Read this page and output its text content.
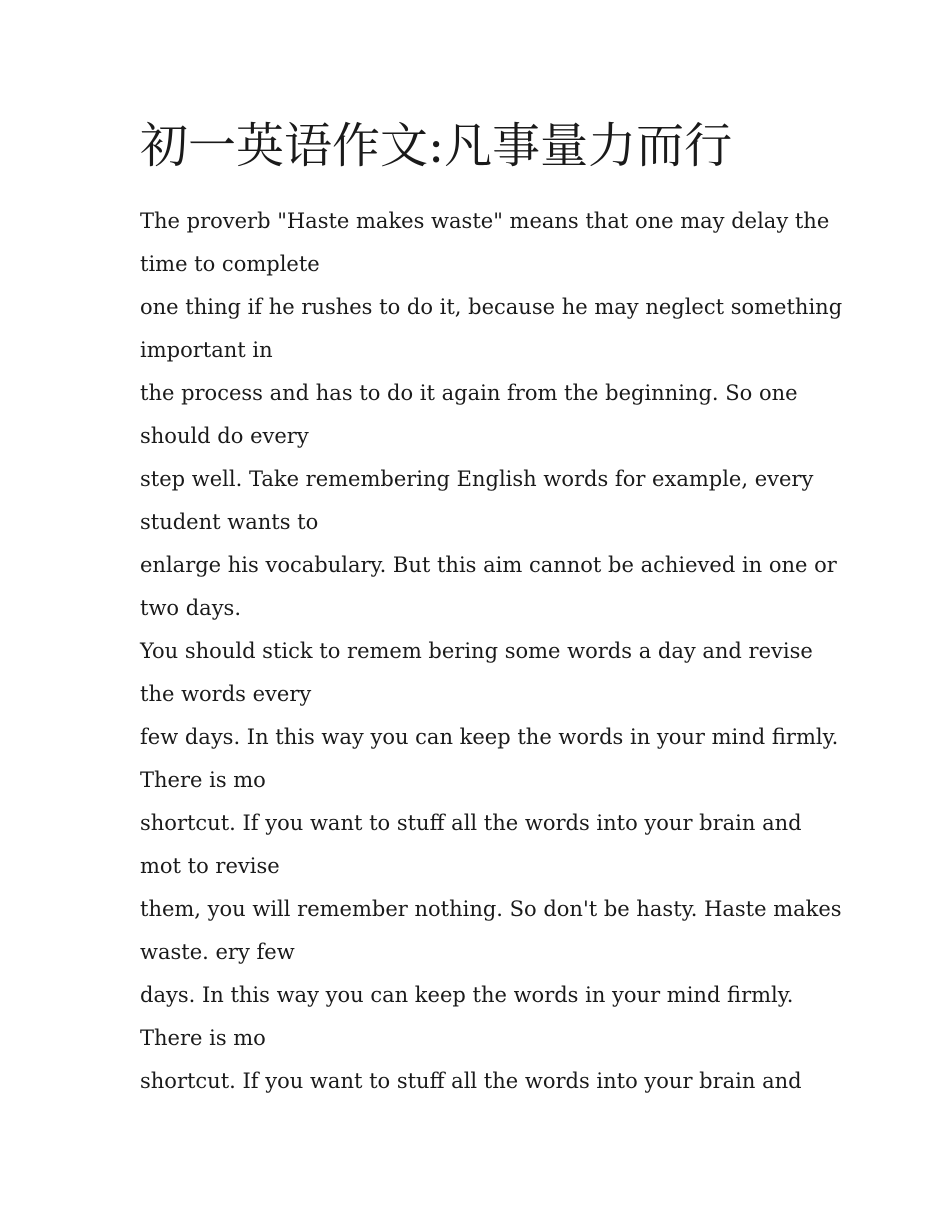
初一英语作文:凡事量力而行
The proverb "Haste makes waste" means that one may delay the
time to complete
one thing if he rushes to do it, because he may neglect something
important in
the process and has to do it again from the beginning. So one
should do every
step well. Take remembering English words for example, every
student wants to
enlarge his vocabulary. But this aim cannot be achieved in one or
two days.
You should stick to remem bering some words a day and revise
the words every
few days. In this way you can keep the words in your mind firmly.
There is mo
shortcut. If you want to stuff all the words into your brain and
mot to revise
them, you will remember nothing. So don't be hasty. Haste makes
waste. ery few
days. In this way you can keep the words in your mind firmly.
There is mo
shortcut. If you want to stuff all the words into your brain and
